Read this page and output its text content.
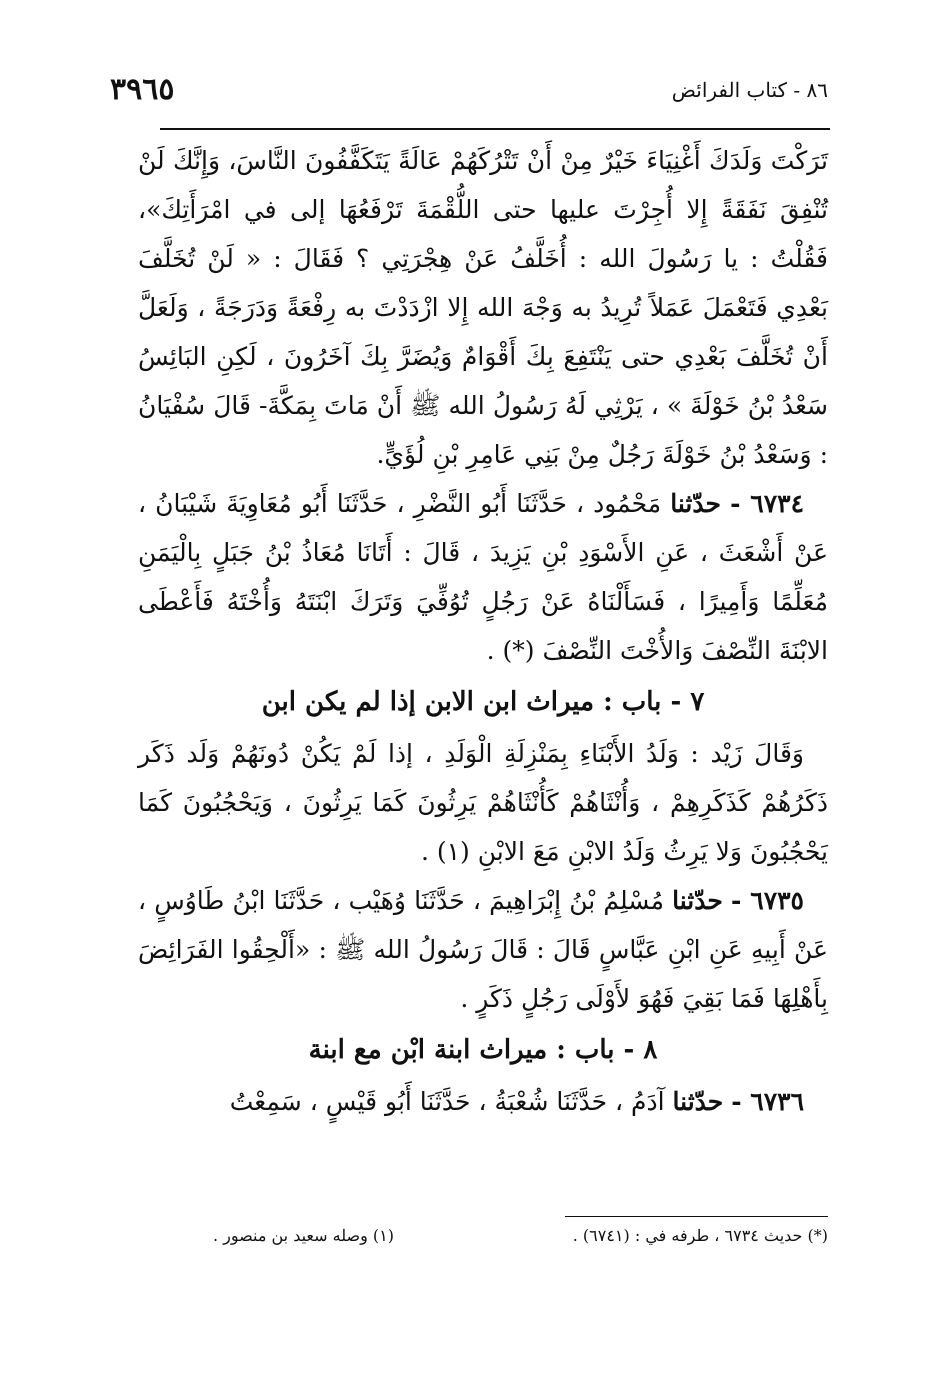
٨٦ - كتاب الفرائض
٣٩٦٥

تَرَكْتَ وَلَدَكَ أَغْنِيَاءَ خَيْرٌ مِنْ أَنْ تَتْرُكَهُمْ عَالَةً يَتَكَفَّفُونَ النَّاسَ، وَإِنَّكَ لَنْ تُنْفِقَ نَفَقَةً إِلا أُجِرْتَ عليها حتى اللُّقْمَةَ تَرْفَعُهَا إلى في امْرَأَتِكَ»، فَقُلْتُ : يا رَسُولَ الله : أُخَلَّفُ عَنْ هِجْرَتِي ؟ فَقَالَ : « لَنْ تُخَلَّفَ بَعْدِي فَتَعْمَلَ عَمَلاً تُرِيدُ به وَجْهَ الله إِلا ازْدَدْتَ به رِفْعَةً وَدَرَجَةً ، وَلَعَلَّ أَنْ تُخَلَّفَ بَعْدِي حتى يَنْتَفِعَ بِكَ أَقْوَامٌ وَيُضَرَّ بِكَ آخَرُونَ ، لَكِنِ البَائِسُ سَعْدُ بْنُ خَوْلَةَ » ، يَرْثِي لَهُ رَسُولُ الله ﷺ أَنْ مَاتَ بِمَكَّةَ- قَالَ سُفْيَانُ : وَسَعْدُ بْنُ خَوْلَةَ رَجُلٌ مِنْ بَنِي عَامِرِ بْنِ لُؤَيٍّ.

٦٧٣٤ - حدّثنا مَحْمُود ، حَدَّثَنَا أَبُو النَّضْرِ ، حَدَّثَنَا أَبُو مُعَاوِيَةَ شَيْبَانُ ، عَنْ أَشْعَثَ ، عَنِ الأَسْوَدِ بْنِ يَزِيدَ ، قَالَ : أَتَانَا مُعَاذُ بْنُ جَبَلٍ بِالْيَمَنِ مُعَلِّمًا وَأَمِيرًا ، فَسَأَلْنَاهُ عَنْ رَجُلٍ تُوُفِّيَ وَتَرَكَ ابْنَتَهُ وَأُخْتَهُ فَأَعْطَى الابْنَةَ النِّصْفَ وَالأُخْتَ النِّصْفَ (*) .

٧ - باب : ميراث ابن الابن إذا لم يكن ابن

وَقَالَ زَيْد : وَلَدُ الأَبْنَاءِ بِمَنْزِلَةِ الْوَلَدِ ، إذا لَمْ يَكُنْ دُونَهُمْ وَلَد ذَكَر ذَكَرُهُمْ كَذَكَرِهِمْ ، وَأُنْثَاهُمْ كَأُنْثَاهُمْ يَرِثُونَ كَمَا يَرِثُونَ ، وَيَحْجُبُونَ كَمَا يَحْجُبُونَ وَلا يَرِثُ وَلَدُ الابْنِ مَعَ الابْنِ (١) .

٦٧٣٥ - حدّثنا مُسْلِمُ بْنُ إِبْرَاهِيمَ ، حَدَّثَنَا وُهَيْب ، حَدَّثَنَا ابْنُ طَاوُسٍ ، عَنْ أَبِيهِ عَنِ ابْنِ عَبَّاسٍ قَالَ : قَالَ رَسُولُ الله ﷺ : «أَلْحِقُوا الفَرَائِضَ بِأَهْلِهَا فَمَا بَقِيَ فَهُوَ لأَوْلَى رَجُلٍ ذَكَرٍ .

٨ - باب : ميراث ابنة ابْن مع ابنة

٦٧٣٦ - حدّثنا آدَمُ ، حَدَّثَنَا شُعْبَةُ ، حَدَّثَنَا أَبُو قَيْسٍ ، سَمِعْتُ

(*) حديث ٦٧٣٤ ، طرفه في : (٦٧٤١) .
(١) وصله سعيد بن منصور .
